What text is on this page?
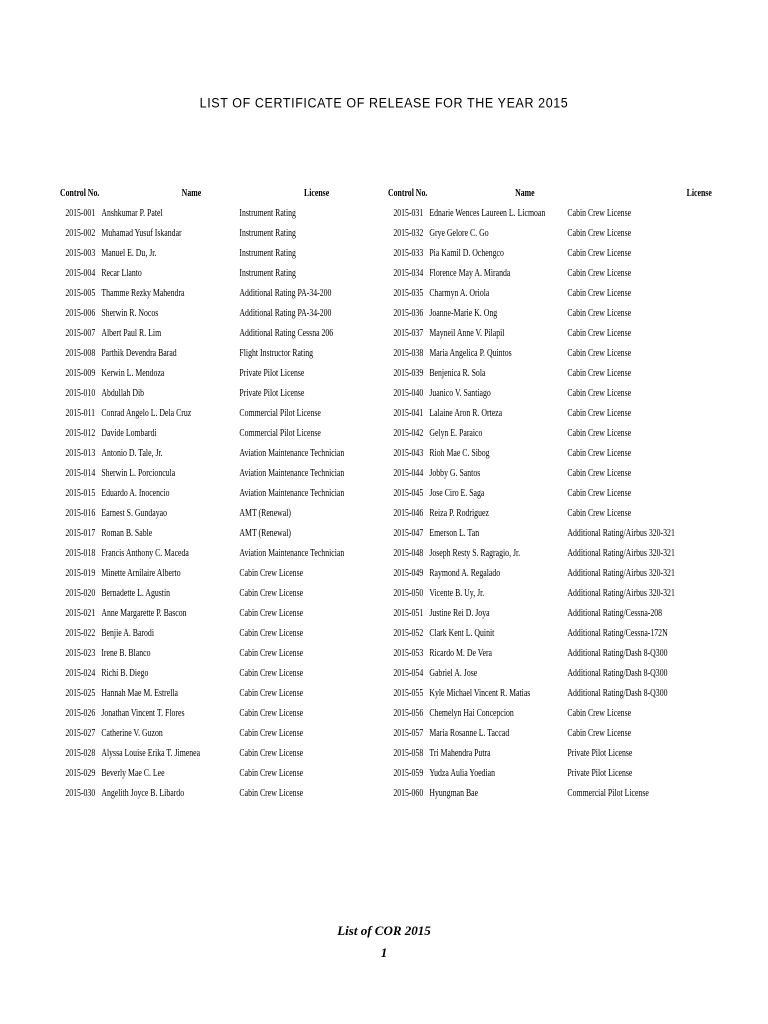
LIST OF CERTIFICATE OF RELEASE FOR THE YEAR 2015
Control No.	Name	License
2015-001 Anshkumar P. Patel	Instrument Rating
2015-002 Muhamad Yusuf Iskandar	Instrument Rating
2015-003 Manuel E. Du, Jr.	Instrument Rating
2015-004 Recar Llanto	Instrument Rating
2015-005 Thamme Rezky Mahendra	Additional Rating PA-34-200
2015-006 Sherwin R. Nocos	Additional Rating PA-34-200
2015-007 Albert Paul R. Lim	Additional Rating Cessna 206
2015-008 Parthik Devendra Barad	Flight Instructor Rating
2015-009 Kerwin L. Mendoza	Private Pilot License
2015-010 Abdullah Dib	Private Pilot License
2015-011 Conrad Angelo L. Dela Cruz	Commercial Pilot License
2015-012 Davide Lombardi	Commercial Pilot License
2015-013 Antonio D. Tale, Jr.	Aviation Maintenance Technician
2015-014 Sherwin L. Porcioncula	Aviation Maintenance Technician
2015-015 Eduardo A. Inocencio	Aviation Maintenance Technician
2015-016 Earnest S. Gundayao	AMT (Renewal)
2015-017 Roman B. Sable	AMT (Renewal)
2015-018 Francis Anthony C. Maceda	Aviation Maintenance Technician
2015-019 Minette Arnilaire Alberto	Cabin Crew License
2015-020 Bernadette L. Agustin	Cabin Crew License
2015-021 Anne Margarette P. Bascon	Cabin Crew License
2015-022 Benjie A. Barodi	Cabin Crew License
2015-023 Irene B. Blanco	Cabin Crew License
2015-024 Richi B. Diego	Cabin Crew License
2015-025 Hannah Mae M. Estrella	Cabin Crew License
2015-026 Jonathan Vincent T. Flores	Cabin Crew License
2015-027 Catherine V. Guzon	Cabin Crew License
2015-028 Alyssa Louise Erika T. Jimenea	Cabin Crew License
2015-029 Beverly Mae C. Lee	Cabin Crew License
2015-030 Angelith Joyce B. Libardo	Cabin Crew License
Control No.	Name	License
2015-031 Ednarie Wences Laureen L. Licmoan	Cabin Crew License
2015-032 Grye Gelore C. Go	Cabin Crew License
2015-033 Pia Kamil D. Ochengco	Cabin Crew License
2015-034 Florence May A. Miranda	Cabin Crew License
2015-035 Charmyn A. Oriola	Cabin Crew License
2015-036 Joanne-Marie K. Ong	Cabin Crew License
2015-037 Mayneil Anne V. Pilapil	Cabin Crew License
2015-038 Maria Angelica P. Quintos	Cabin Crew License
2015-039 Benjenica R. Sola	Cabin Crew License
2015-040 Juanico V. Santiago	Cabin Crew License
2015-041 Lalaine Aron R. Orteza	Cabin Crew License
2015-042 Gelyn E. Paraico	Cabin Crew License
2015-043 Rioh Mae C. Sibog	Cabin Crew License
2015-044 Jobby G. Santos	Cabin Crew License
2015-045 Jose Ciro E. Saga	Cabin Crew License
2015-046 Reiza P. Rodriguez	Cabin Crew License
2015-047 Emerson L. Tan	Additional Rating/Airbus 320-321
2015-048 Joseph Resty S. Ragragio, Jr.	Additional Rating/Airbus 320-321
2015-049 Raymond A. Regalado	Additional Rating/Airbus 320-321
2015-050 Vicente B. Uy, Jr.	Additional Rating/Airbus 320-321
2015-051 Justine Rei D. Joya	Additional Rating/Cessna-208
2015-052 Clark Kent L. Quinit	Additional Rating/Cessna-172N
2015-053 Ricardo M. De Vera	Additional Rating/Dash 8-Q300
2015-054 Gabriel A. Jose	Additional Rating/Dash 8-Q300
2015-055 Kyle Michael Vincent R. Matias	Additional Rating/Dash 8-Q300
2015-056 Chemelyn Hai Concepcion	Cabin Crew License
2015-057 Maria Rosanne L. Taccad	Cabin Crew License
2015-058 Tri Mahendra Putra	Private Pilot License
2015-059 Yudza Aulia Yoedian	Private Pilot License
2015-060 Hyungman Bae	Commercial Pilot License
List of COR 2015
1
